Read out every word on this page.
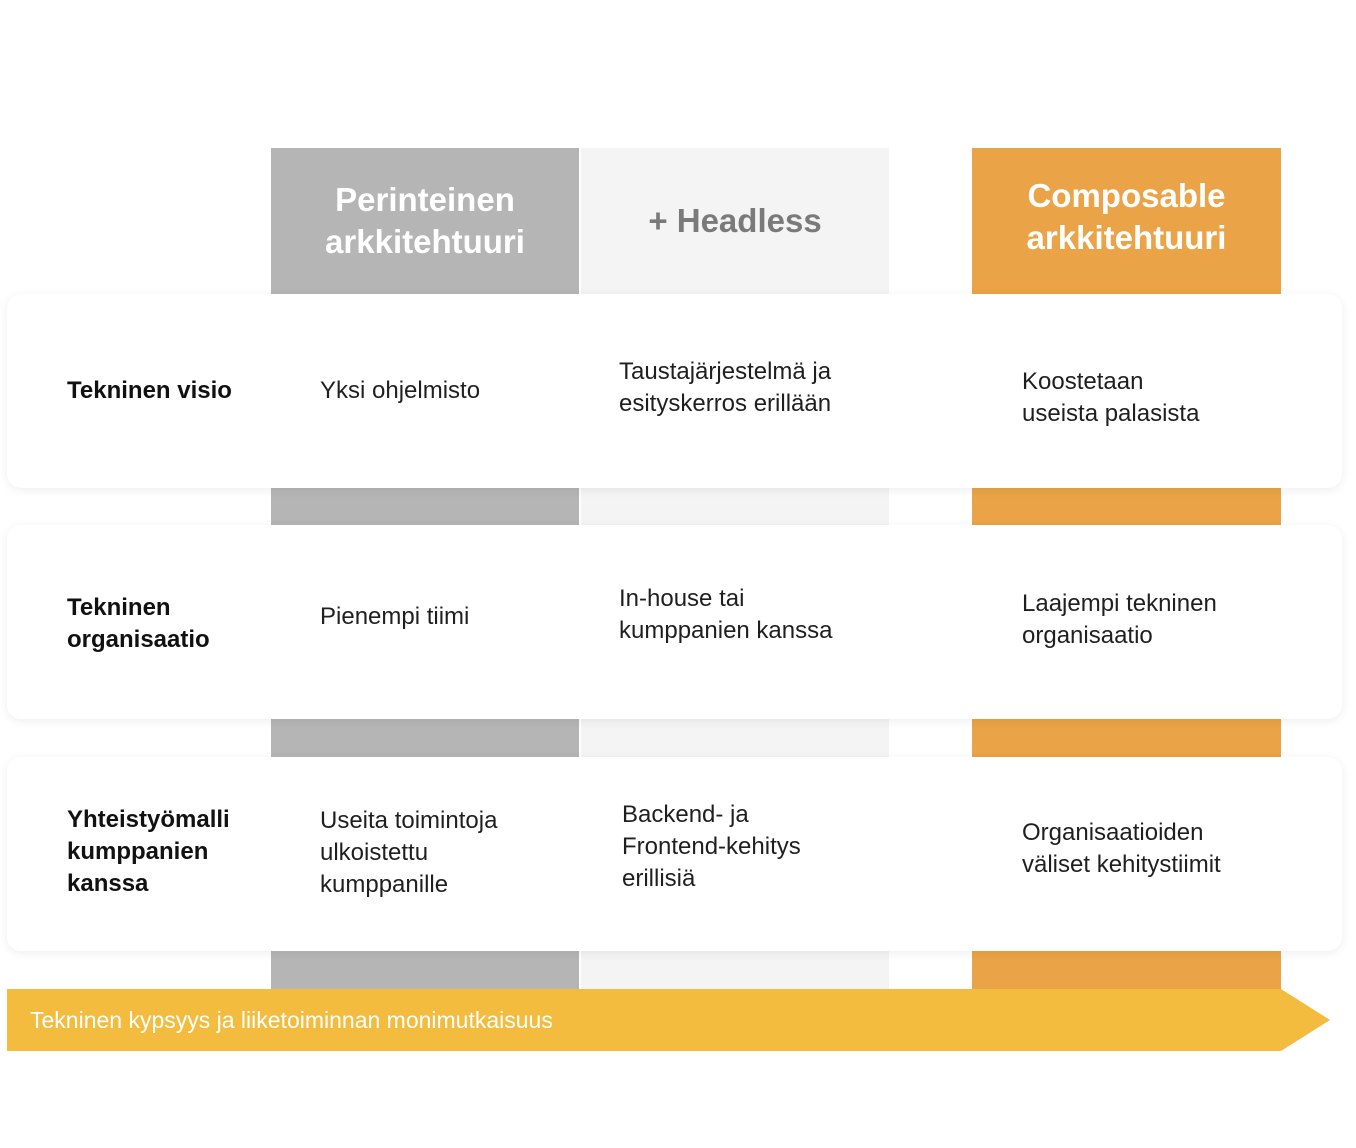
Perinteinen arkkitehtuuri
+ Headless
Composable arkkitehtuuri
Tekninen visio	Yksi ohjelmisto
Taustajärjestelmä ja esityskerros erillään
Koostetaan useista palasista
Tekninen organisaatio
Pienempi tiimi
In-house tai kumppanien kanssa
Laajempi tekninen organisaatio
Yhteistyömalli kumppanien kanssa
Useita toimintoja ulkoistettu kumppanille
Backend- ja Frontend-kehitys erillisiä
Organisaatioiden väliset kehitystiimit
Tekninen kypsyys ja liiketoiminnan monimutkaisuus
